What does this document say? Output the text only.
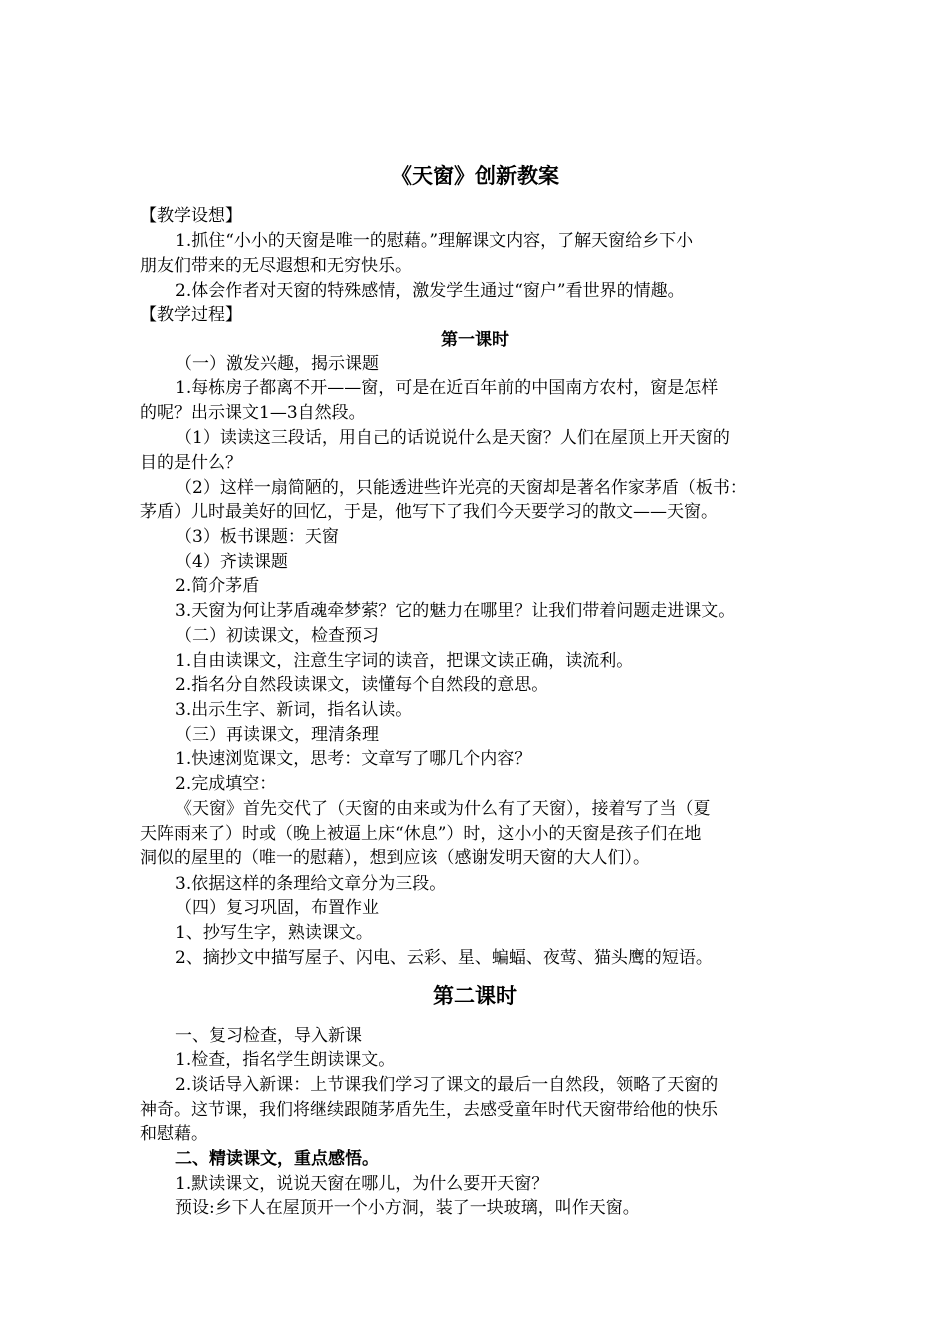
《天窗》创新教案
【教学设想】
1.抓住“小小的天窗是唯一的慰藉。”理解课文内容，了解天窗给乡下小
朋友们带来的无尽遐想和无穷快乐。
2.体会作者对天窗的特殊感情，激发学生通过“窗户”看世界的情趣。
【教学过程】
第一课时
（一）激发兴趣，揭示课题
1.每栋房子都离不开——窗，可是在近百年前的中国南方农村，窗是怎样
的呢？出示课文1—3自然段。
（1）读读这三段话，用自己的话说说什么是天窗？人们在屋顶上开天窗的
目的是什么？
（2）这样一扇简陋的，只能透进些许光亮的天窗却是著名作家茅盾（板书：
茅盾）儿时最美好的回忆，于是，他写下了我们今天要学习的散文——天窗。
（3）板书课题：天窗
（4）齐读课题
2.简介茅盾
3.天窗为何让茅盾魂牵梦萦？它的魅力在哪里？让我们带着问题走进课文。
（二）初读课文，检查预习
1.自由读课文，注意生字词的读音，把课文读正确，读流利。
2.指名分自然段读课文，读懂每个自然段的意思。
3.出示生字、新词，指名认读。
（三）再读课文，理清条理
1.快速浏览课文，思考：文章写了哪几个内容？
2.完成填空：
《天窗》首先交代了（天窗的由来或为什么有了天窗），接着写了当（夏
天阵雨来了）时或（晚上被逼上床“休息”）时，这小小的天窗是孩子们在地
洞似的屋里的（唯一的慰藉），想到应该（感谢发明天窗的大人们）。
3.依据这样的条理给文章分为三段。
（四）复习巩固，布置作业
1、抄写生字，熟读课文。
2、摘抄文中描写屋子、闪电、云彩、星、蝙蝠、夜莺、猫头鹰的短语。
第二课时
一、复习检查，导入新课
1.检查，指名学生朗读课文。
2.谈话导入新课：上节课我们学习了课文的最后一自然段，领略了天窗的
神奇。这节课，我们将继续跟随茅盾先生，去感受童年时代天窗带给他的快乐
和慰藉。
二、精读课文，重点感悟。
1.默读课文，说说天窗在哪儿，为什么要开天窗？
预设:乡下人在屋顶开一个小方洞，装了一块玻璃，叫作天窗。
